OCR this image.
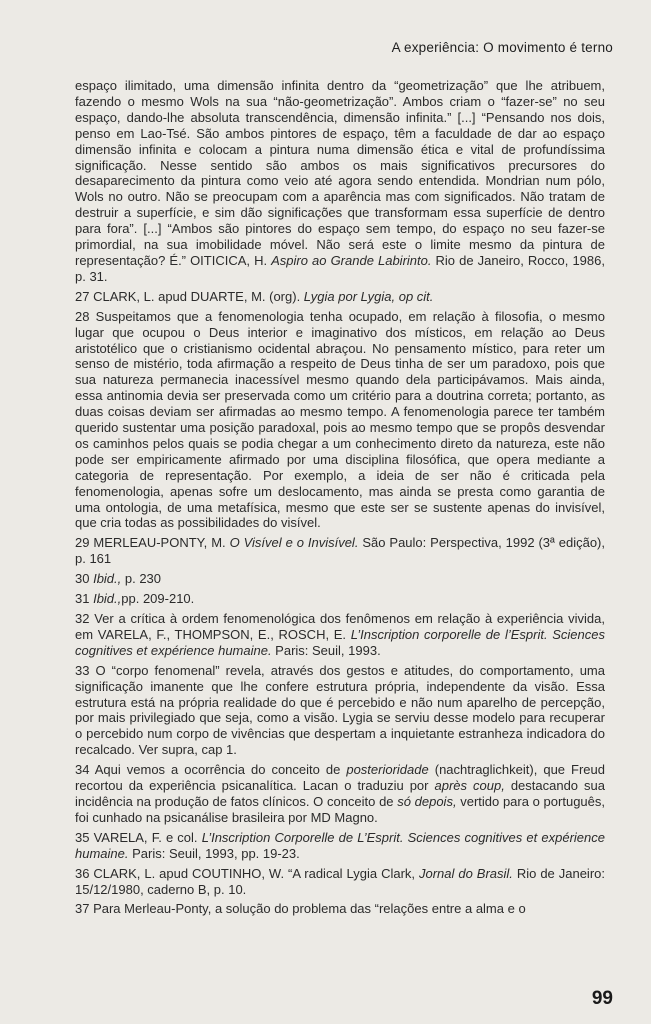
A experiência: O movimento é terno

espaço ilimitado, uma dimensão infinita dentro da “geometrização” que lhe atribuem, fazendo o mesmo Wols na sua “não-geometrização”. Ambos criam o “fazer-se” no seu espaço, dando-lhe absoluta transcendência, dimensão infinita.” [...] “Pensando nos dois, penso em Lao-Tsé. São ambos pintores de espaço, têm a faculdade de dar ao espaço dimensão infinita e colocam a pintura numa dimensão ética e vital de profundíssima significação. Nesse sentido são ambos os mais significativos precursores do desaparecimento da pintura como veio até agora sendo entendida. Mondrian num pólo, Wols no outro. Não se preocupam com a aparência mas com significados. Não tratam de destruir a superfície, e sim dão significações que transformam essa superfície de dentro para fora”. [...] “Ambos são pintores do espaço sem tempo, do espaço no seu fazer-se primordial, na sua imobilidade móvel. Não será este o limite mesmo da pintura de representação? É.” OITICICA, H. Aspiro ao Grande Labirinto. Rio de Janeiro, Rocco, 1986, p. 31.

27 CLARK, L. apud DUARTE, M. (org). Lygia por Lygia, op cit.

28 Suspeitamos que a fenomenologia tenha ocupado, em relação à filosofia, o mesmo lugar que ocupou o Deus interior e imaginativo dos místicos, em relação ao Deus aristotélico que o cristianismo ocidental abraçou. No pensamento místico, para reter um senso de mistério, toda afirmação a respeito de Deus tinha de ser um paradoxo, pois que sua natureza permanecia inacessível mesmo quando dela participávamos. Mais ainda, essa antinomia devia ser preservada como um critério para a doutrina correta; portanto, as duas coisas deviam ser afirmadas ao mesmo tempo. A fenomenologia parece ter também querido sustentar uma posição paradoxal, pois ao mesmo tempo que se propôs desvendar os caminhos pelos quais se podia chegar a um conhecimento direto da natureza, este não pode ser empiricamente afirmado por uma disciplina filosófica, que opera mediante a categoria de representação. Por exemplo, a ideia de ser não é criticada pela fenomenologia, apenas sofre um deslocamento, mas ainda se presta como garantia de uma ontologia, de uma metafísica, mesmo que este ser se sustente apenas do invisível, que cria todas as possibilidades do visível.

29 MERLEAU-PONTY, M. O Visível e o Invisível. São Paulo: Perspectiva, 1992 (3ª edição), p. 161

30 Ibid., p. 230

31 Ibid.,pp. 209-210.

32 Ver a crítica à ordem fenomenológica dos fenômenos em relação à experiência vivida, em VARELA, F., THOMPSON, E., ROSCH, E. L’Inscription corporelle de l’Esprit. Sciences cognitives et expérience humaine. Paris: Seuil, 1993.

33 O “corpo fenomenal” revela, através dos gestos e atitudes, do comportamento, uma significação imanente que lhe confere estrutura própria, independente da visão. Essa estrutura está na própria realidade do que é percebido e não num aparelho de percepção, por mais privilegiado que seja, como a visão. Lygia se serviu desse modelo para recuperar o percebido num corpo de vivências que despertam a inquietante estranheza indicadora do recalcado. Ver supra, cap 1.

34 Aqui vemos a ocorrência do conceito de posterioridade (nachtraglichkeit), que Freud recortou da experiência psicanalítica. Lacan o traduziu por après coup, destacando sua incidência na produção de fatos clínicos. O conceito de só depois, vertido para o português, foi cunhado na psicanálise brasileira por MD Magno.

35 VARELA, F. e col. L’Inscription Corporelle de L’Esprit. Sciences cognitives et expérience humaine. Paris: Seuil, 1993, pp. 19-23.

36 CLARK, L. apud COUTINHO, W. “A radical Lygia Clark, Jornal do Brasil. Rio de Janeiro: 15/12/1980, caderno B, p. 10.

37 Para Merleau-Ponty, a solução do problema das “relações entre a alma e o

99
